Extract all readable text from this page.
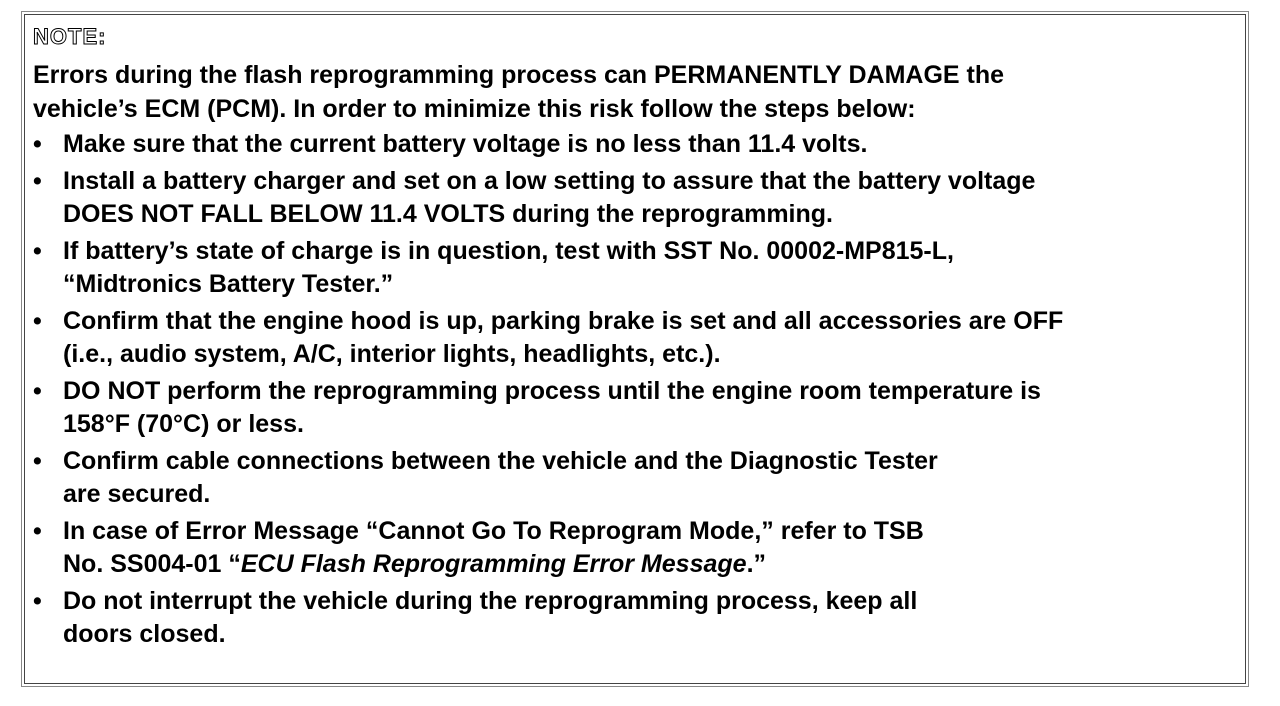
NOTE:
Errors during the flash reprogramming process can PERMANENTLY DAMAGE the
vehicle’s ECM (PCM). In order to minimize this risk follow the steps below:
• Make sure that the current battery voltage is no less than 11.4 volts.
• Install a battery charger and set on a low setting to assure that the battery voltage
DOES NOT FALL BELOW 11.4 VOLTS during the reprogramming.
• If battery’s state of charge is in question, test with SST No. 00002-MP815-L,
“Midtronics Battery Tester.”
• Confirm that the engine hood is up, parking brake is set and all accessories are OFF
(i.e., audio system, A/C, interior lights, headlights, etc.).
• DO NOT perform the reprogramming process until the engine room temperature is
158°F (70°C) or less.
• Confirm cable connections between the vehicle and the Diagnostic Tester
are secured.
• In case of Error Message “Cannot Go To Reprogram Mode,” refer to TSB
No. SS004-01 “ECU Flash Reprogramming Error Message.”
• Do not interrupt the vehicle during the reprogramming process, keep all
doors closed.
